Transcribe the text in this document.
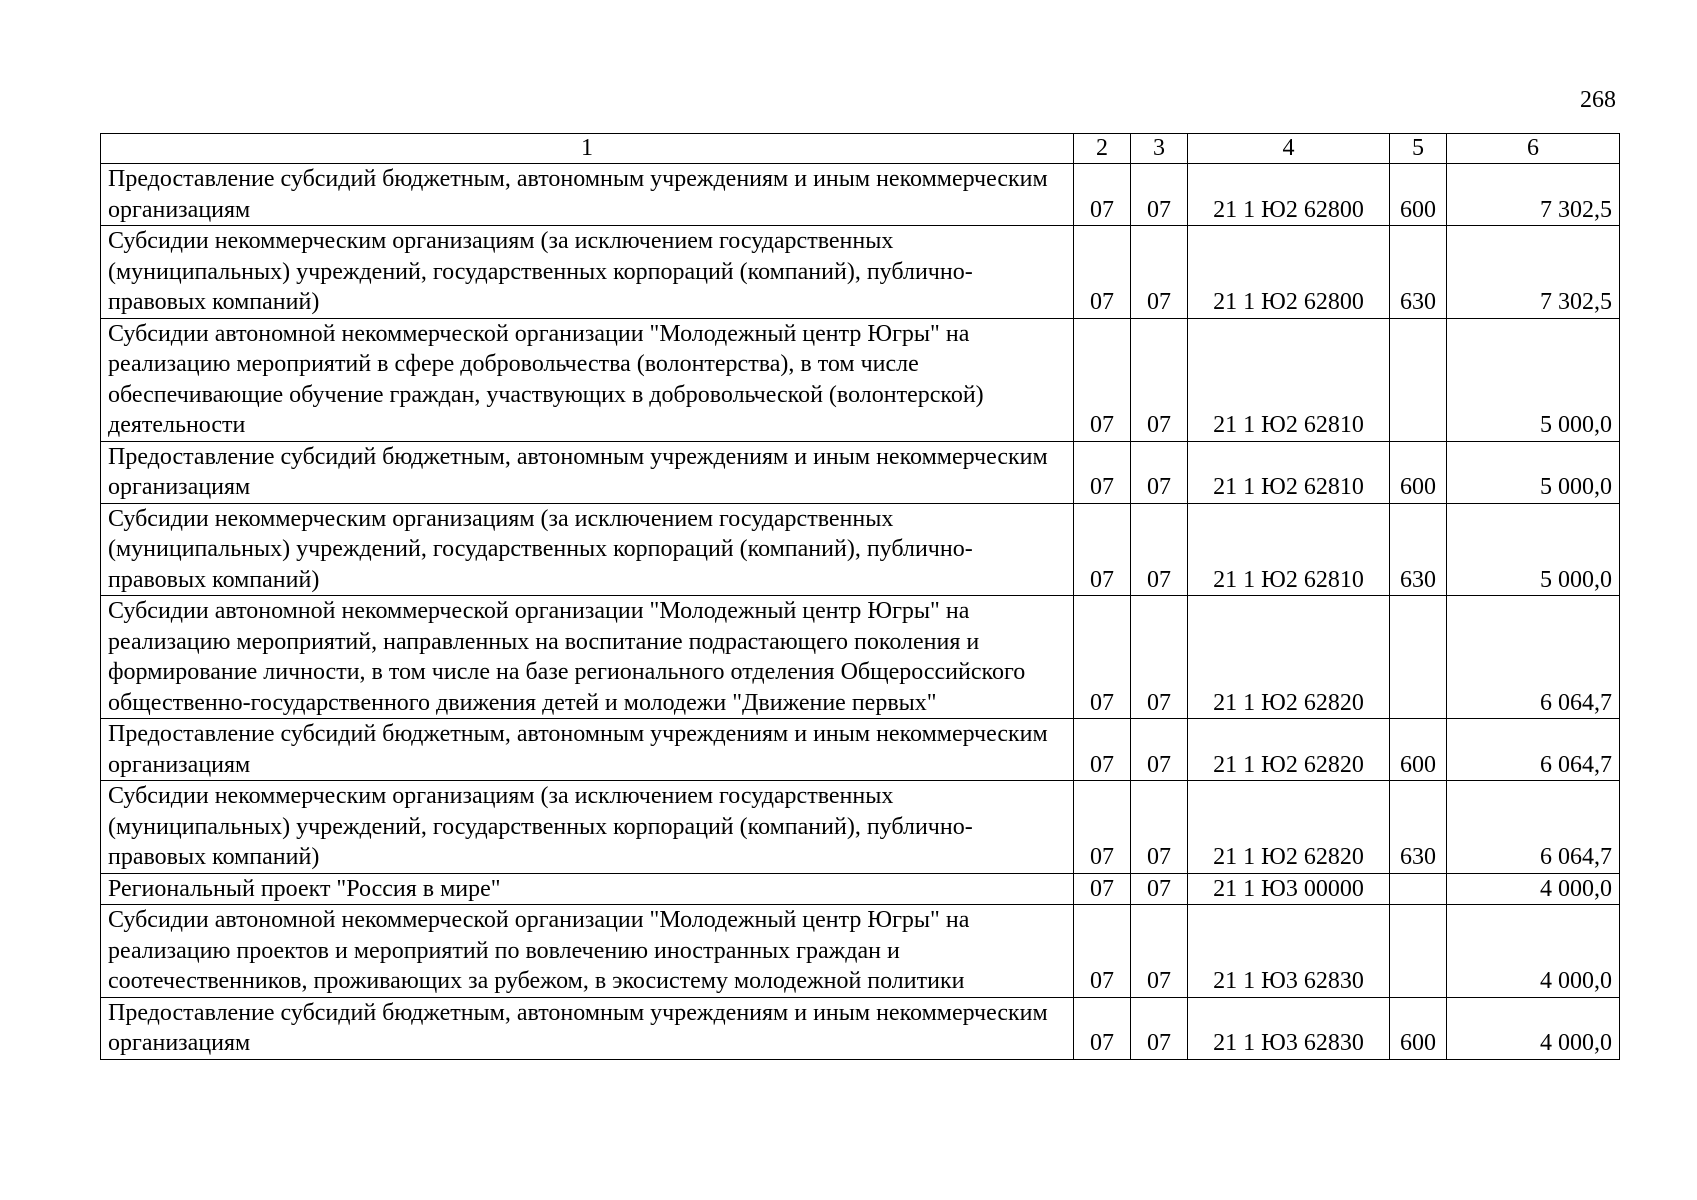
268
1	2	3	4	5	6
Предоставление субсидий бюджетным, автономным учреждениям и иным некоммерческим организациям	07	07	21 1 Ю2 62800	600	7 302,5
Субсидии некоммерческим организациям (за исключением государственных (муниципальных) учреждений, государственных корпораций (компаний), публично-правовых компаний)	07	07	21 1 Ю2 62800	630	7 302,5
Субсидии автономной некоммерческой организации "Молодежный центр Югры" на реализацию мероприятий в сфере добровольчества (волонтерства), в том числе обеспечивающие обучение граждан, участвующих в добровольческой (волонтерской) деятельности	07	07	21 1 Ю2 62810		5 000,0
Предоставление субсидий бюджетным, автономным учреждениям и иным некоммерческим организациям	07	07	21 1 Ю2 62810	600	5 000,0
Субсидии некоммерческим организациям (за исключением государственных (муниципальных) учреждений, государственных корпораций (компаний), публично-правовых компаний)	07	07	21 1 Ю2 62810	630	5 000,0
Субсидии автономной некоммерческой организации "Молодежный центр Югры" на реализацию мероприятий, направленных на воспитание подрастающего поколения и формирование личности, в том числе на базе регионального отделения Общероссийского общественно-государственного движения детей и молодежи "Движение первых"	07	07	21 1 Ю2 62820		6 064,7
Предоставление субсидий бюджетным, автономным учреждениям и иным некоммерческим организациям	07	07	21 1 Ю2 62820	600	6 064,7
Субсидии некоммерческим организациям (за исключением государственных (муниципальных) учреждений, государственных корпораций (компаний), публично-правовых компаний)	07	07	21 1 Ю2 62820	630	6 064,7
Региональный проект "Россия в мире"	07	07	21 1 Ю3 00000		4 000,0
Субсидии автономной некоммерческой организации "Молодежный центр Югры" на реализацию проектов и мероприятий по вовлечению иностранных граждан и соотечественников, проживающих за рубежом, в экосистему молодежной политики	07	07	21 1 Ю3 62830		4 000,0
Предоставление субсидий бюджетным, автономным учреждениям и иным некоммерческим организациям	07	07	21 1 Ю3 62830	600	4 000,0
